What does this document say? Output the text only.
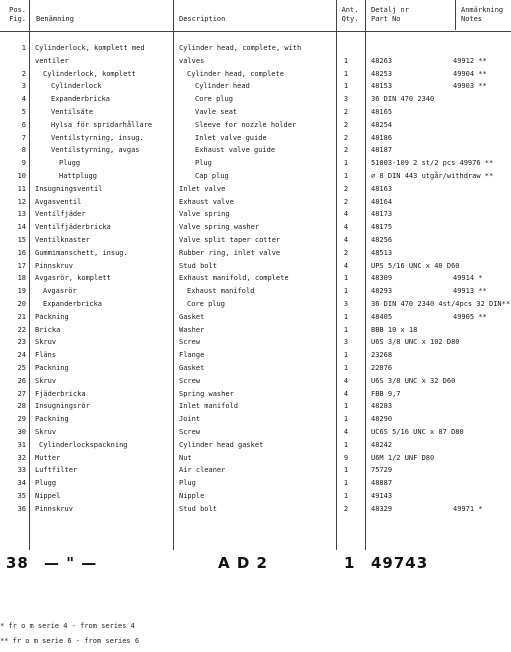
Pos.
Fig. Benämning	Description
Ant.
Qty.
Detalj nr
Part No
Anmärkning
Notes
1 Cylinderlock, komplett med	Cylinder head, complete, with
ventiler	valves	1	48263	49912 **
2 Cylinderlock, komplett	Cylinder head, complete	1	48253	49904 **
3	Cylinderlock	Cylinder head	1	48153	49903 **
4	Expanderbricka	Core plug	3	36 DIN 470 2340
5	Ventilsäte	Vavle seat	2	48165
6	Hylsa för spridarhållare	Sleeve for nozzle holder	2	48254
7	Ventilstyrning, insug.	Inlet valve guide	2	48186
8	Ventilstyrning, avgas	Exhaust valve guide	2	48187
9	Plugg	Plug	1	51003-109 2 st/2 pcs 49976 **
10	Hattplugg	Cap plug	1	∅ 8 DIN 443 utgår/withdraw **
11 Insugningsventil	Inlet valve	2	48163
12 Avgasventil	Exhaust valve	2	48164
13 Ventilfjäder	Valve spring	4	48173
14 Ventilfjäderbricka	Valve spring washer	4	48175
15 Ventilknaster	Valve split taper cotter	4	48256
16 Gummimanschett, insug.	Rubber ring, inlet valve	2	48513
17 Pinnskruv	Stud bolt	4	UPS 5/16 UNC x 40 D60
18 Avgasrör, komplett	Exhaust manifold, complete	1	48309	49914 *
19 Avgasrör	Exhaust manifold	1	48293	49913 **
20 Expanderbricka	Core plug	3	36 DIN 470 2340 4st/4pcs 32 DIN**
21 Packning	Gasket	1	48405	49905 **
22 Bricka	Washer	1	BBB 10 x 18
23 Skruv	Screw	3	U6S 3/8 UNC x 102 D80
24 Fläns	Flange	1	23268
25 Packning	Gasket	1	22876
26 Skruv	Screw	4	U6S 3/8 UNC x 32 D60
27 Fjäderbricka	Spring washer	4	FBB 9,7
28 Insugningsrör	Inlet manifold	1	48283
29 Packning	Joint	1	48290
30 Skruv	Screw	4	UC6S 5/16 UNC x 87 D80
31 Cylinderlockspackning	Cylinder head gasket	1	48242
32 Mutter	Nut	9	U6M 1/2 UNF D80
33 Luftfilter	Air cleaner	1	75729
34 Plugg	Plug	1	48887
35 Nippel	Nipple	1	49143
36 Pinnskruv	Stud bolt	2	48329	49971 *
38 — " —	A D 2	1 49743
* fr o m serie 4 - from series 4
** fr o m serie 6 - from series 6
